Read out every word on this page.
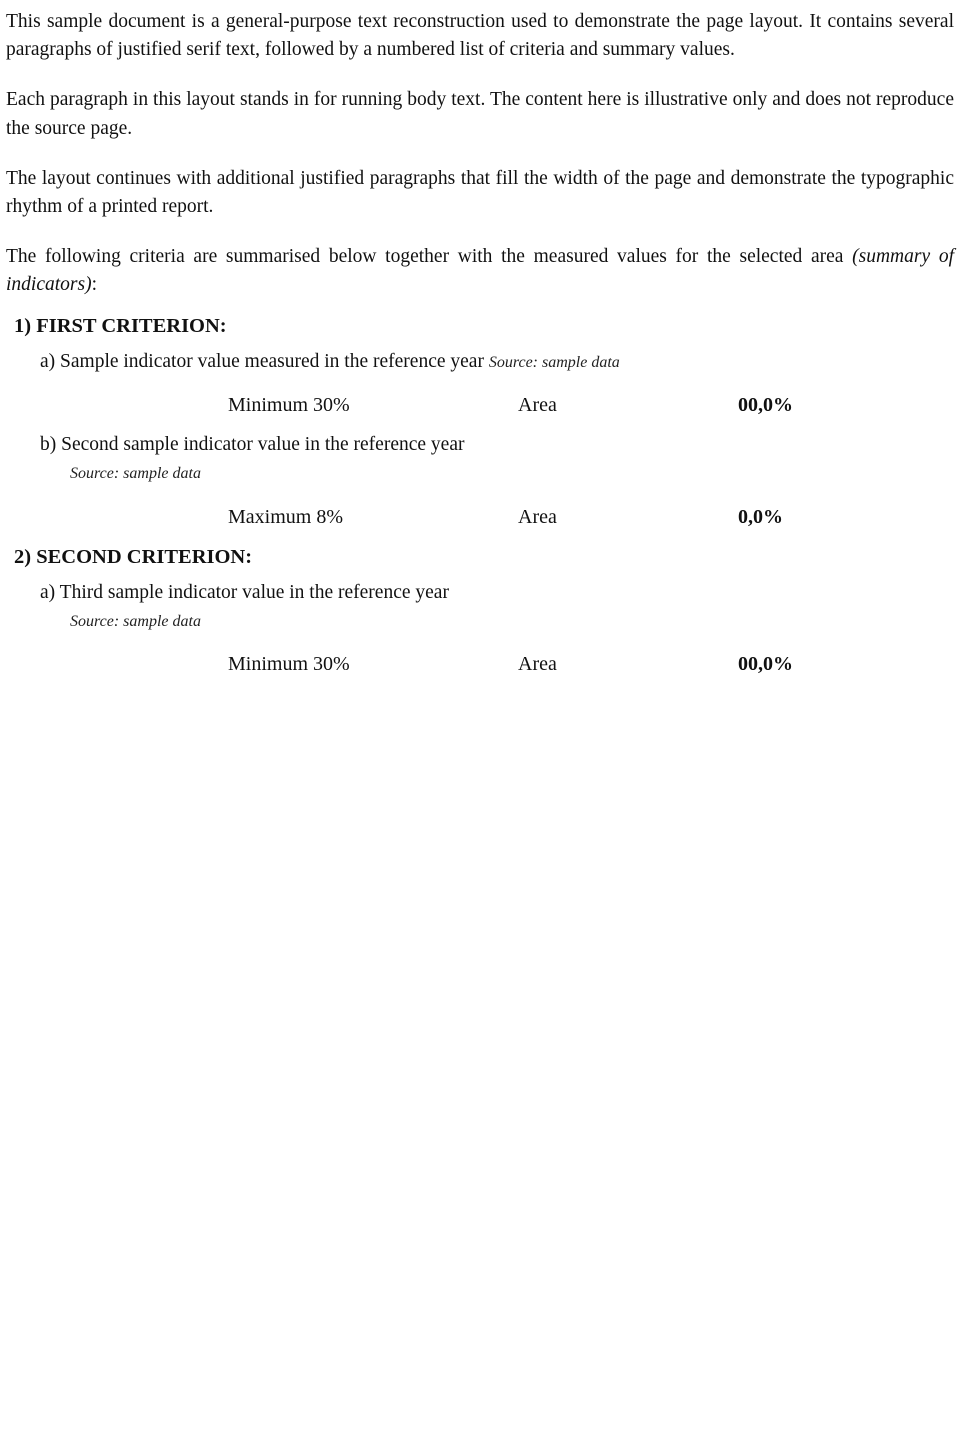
This sample document is a general-purpose text reconstruction used to demonstrate the page layout. It contains several paragraphs of justified serif text, followed by a numbered list of criteria and summary values.

Each paragraph in this layout stands in for running body text. The content here is illustrative only and does not reproduce the source page.

The layout continues with additional justified paragraphs that fill the width of the page and demonstrate the typographic rhythm of a printed report.

The following criteria are summarised below together with the measured values for the selected area (summary of indicators):

1) FIRST CRITERION:

a) Sample indicator value measured in the reference year Source: sample data

Minimum 30%	Area	00,0%

b) Second sample indicator value in the reference year

Source: sample data
Maximum 8%	Area	0,0%
2) SECOND CRITERION:

a) Third sample indicator value in the reference year

Source: sample data
Minimum 30%	Area	00,0%
